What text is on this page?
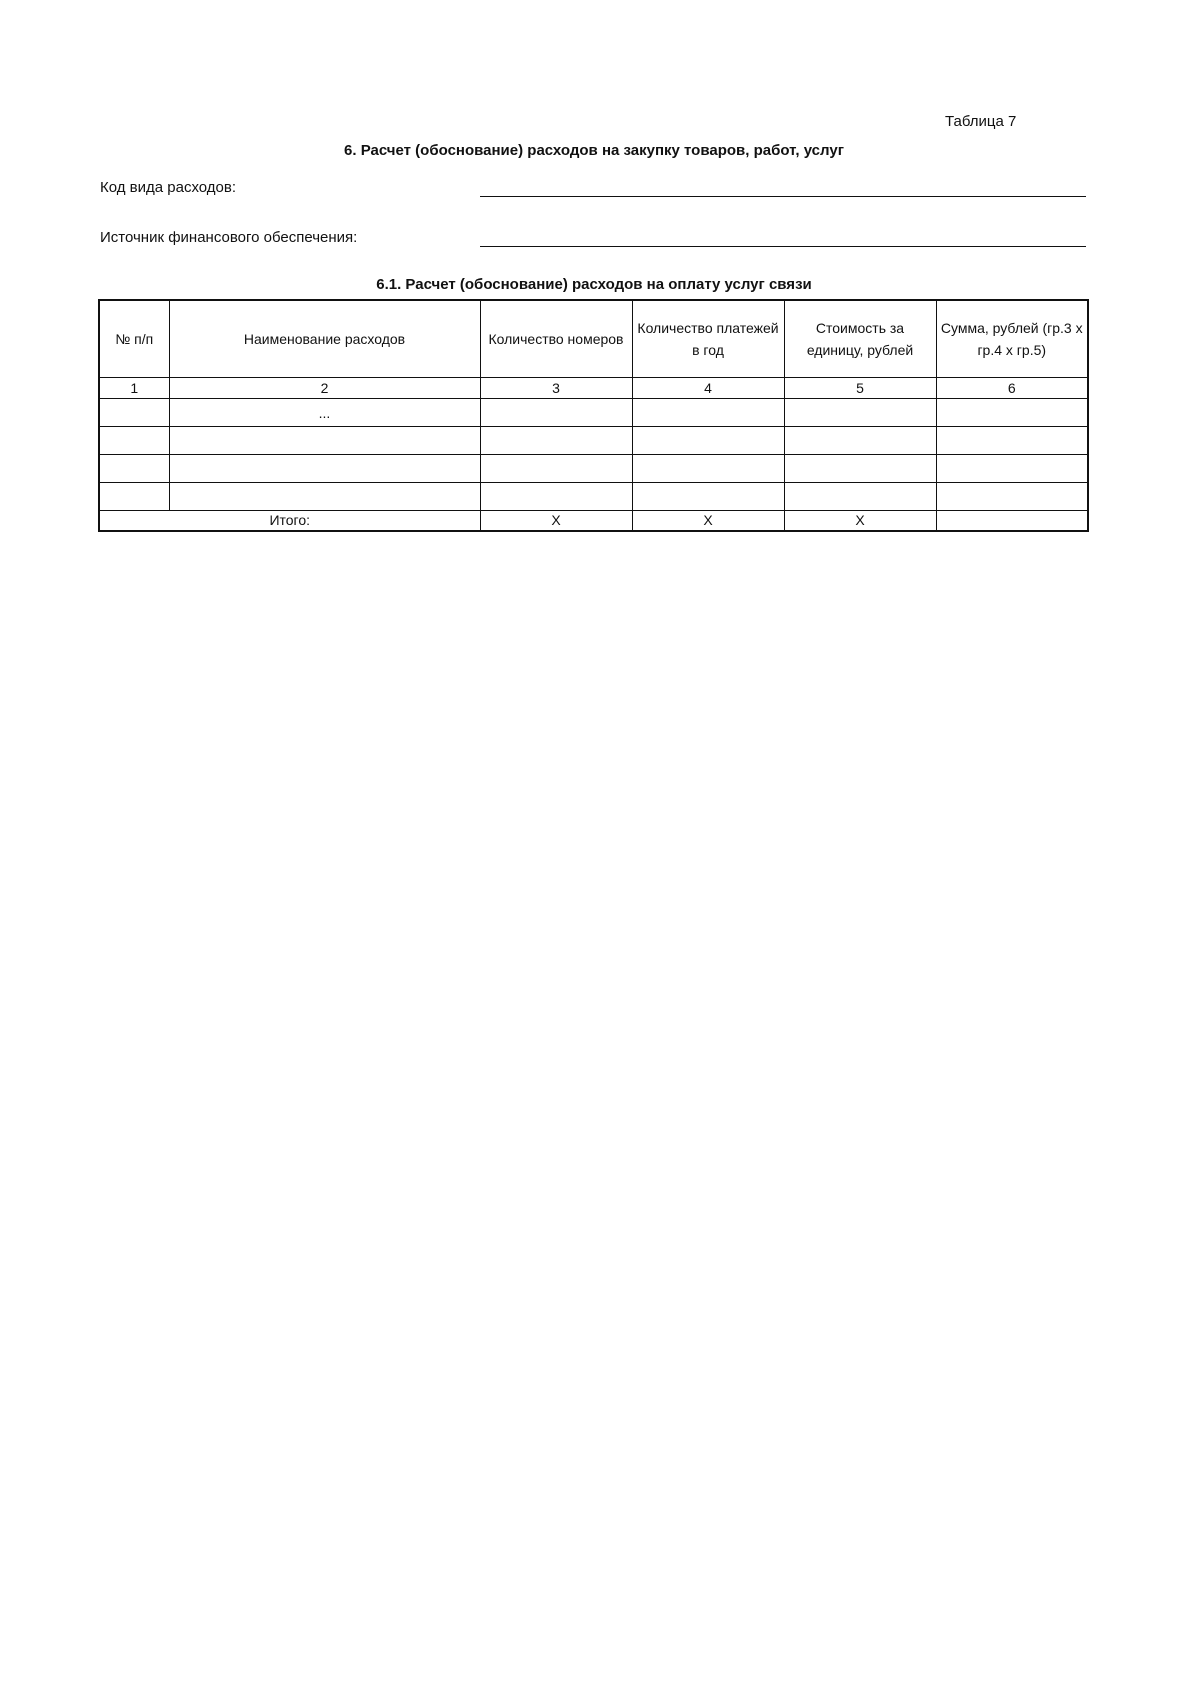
Таблица 7
6. Расчет (обоснование) расходов на закупку товаров, работ, услуг
Код вида расходов:
Источник финансового обеспечения:
6.1. Расчет (обоснование) расходов на оплату услуг связи
№ п/п	Наименование расходов	Количество номеров	Количество платежей в год	Стоимость за единицу, рублей	Сумма, рублей (гр.3 х гр.4 х гр.5)
1	2	3	4	5	6
	...				

Итого:		Х	Х	Х	
